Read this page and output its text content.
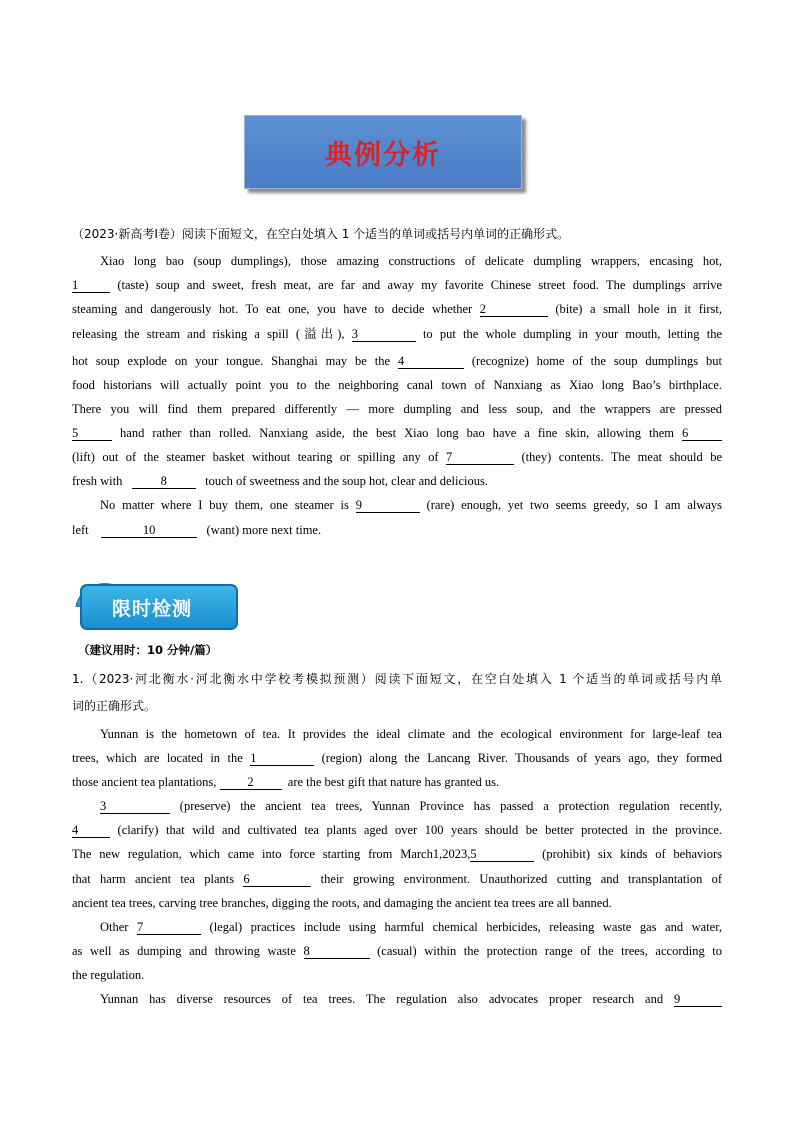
典例分析
（2023·新高考Ⅰ卷）阅读下面短文，在空白处填入 1 个适当的单词或括号内单词的正确形式。
Xiao long bao (soup dumplings), those amazing constructions of delicate dumpling wrappers, encasing hot,
1	(taste) soup and sweet, fresh meat, are far and away my favorite Chinese street food. The dumplings arrive
steaming and dangerously hot. To eat one, you have to decide whether 2	(bite) a small hole in it first,
releasing the stream and risking a spill (溢出), 3	to put the whole dumpling in your mouth, letting the
hot soup explode on your tongue. Shanghai may be the 4	(recognize) home of the soup dumplings but
food historians will actually point you to the neighboring canal town of Nanxiang as Xiao long Bao’s birthplace.
There you will find them prepared differently — more dumpling and less soup, and the wrappers are pressed
5	hand rather than rolled. Nanxiang aside, the best Xiao long bao have a fine skin, allowing them 6
(lift) out of the steamer basket without tearing or spilling any of 7	(they) contents. The meat should be
fresh with	8	touch of sweetness and the soup hot, clear and delicious.
No matter where I buy them, one steamer is 9	(rare) enough, yet two seems greedy, so I am always
left	10	(want) more next time.
限时检测
（建议用时：10 分钟/篇）
1.（2023·河北衡水·河北衡水中学校考模拟预测）阅读下面短文，在空白处填入 1 个适当的单词或括号内单
词的正确形式。
Yunnan is the hometown of tea. It provides the ideal climate and the ecological environment for large-leaf tea
trees, which are located in the 1	(region) along the Lancang River. Thousands of years ago, they formed
those ancient tea plantations, 2	are the best gift that nature has granted us.
3	(preserve) the ancient tea trees, Yunnan Province has passed a protection regulation recently,
4	(clarify) that wild and cultivated tea plants aged over 100 years should be better protected in the province.
The new regulation, which came into force starting from March1,2023,5	(prohibit) six kinds of behaviors
that harm ancient tea plants 6	their growing environment. Unauthorized cutting and transplantation of
ancient tea trees, carving tree branches, digging the roots, and damaging the ancient tea trees are all banned.
Other 7	(legal) practices include using harmful chemical herbicides, releasing waste gas and water,
as well as dumping and throwing waste 8	(casual) within the protection range of the trees, according to
the regulation.
Yunnan has diverse resources of tea trees. The regulation also advocates proper research and 9
